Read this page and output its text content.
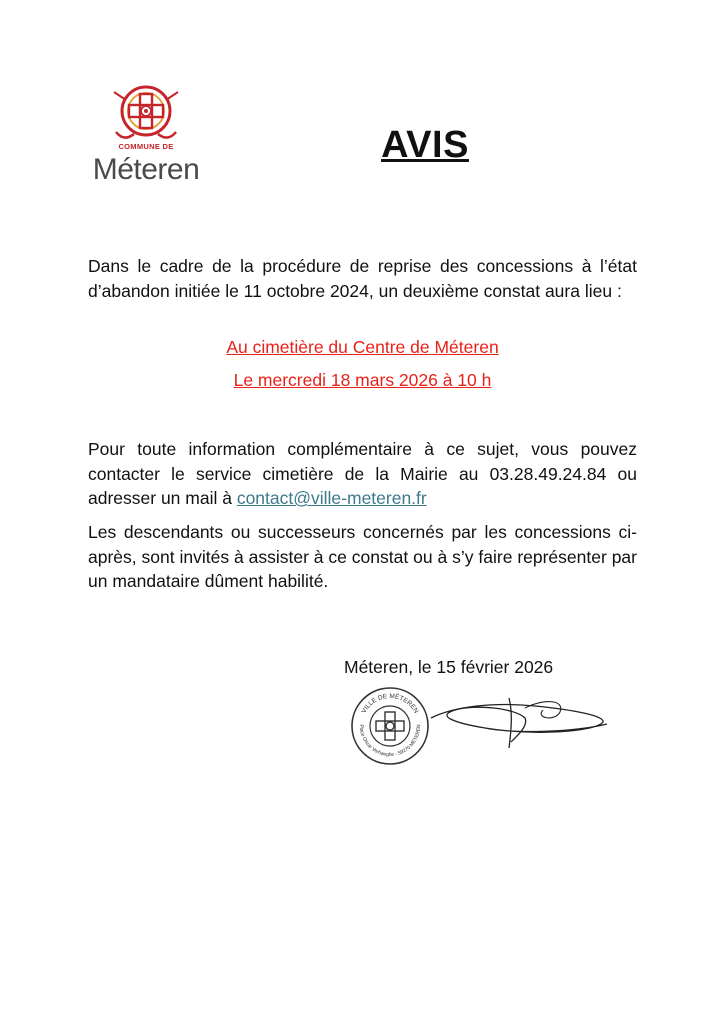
COMMUNE DE
Méteren
AVIS

Dans le cadre de la procédure de reprise des concessions à l’état d’abandon initiée le 11 octobre 2024, un deuxième constat aura lieu :

Au cimetière du Centre de Méteren

Le mercredi 18 mars 2026 à 10 h

Pour toute information complémentaire à ce sujet, vous pouvez contacter le service cimetière de la Mairie au 03.28.49.24.84 ou adresser un mail à contact@ville-meteren.fr

Les descendants ou successeurs concernés par les concessions ci-après, sont invités à assister à ce constat ou à s’y faire représenter par un mandataire dûment habilité.

Méteren, le 15 février 2026

VILLE DE MÉTEREN
Place Oscar Verhaeghe - 59270 METEREN
